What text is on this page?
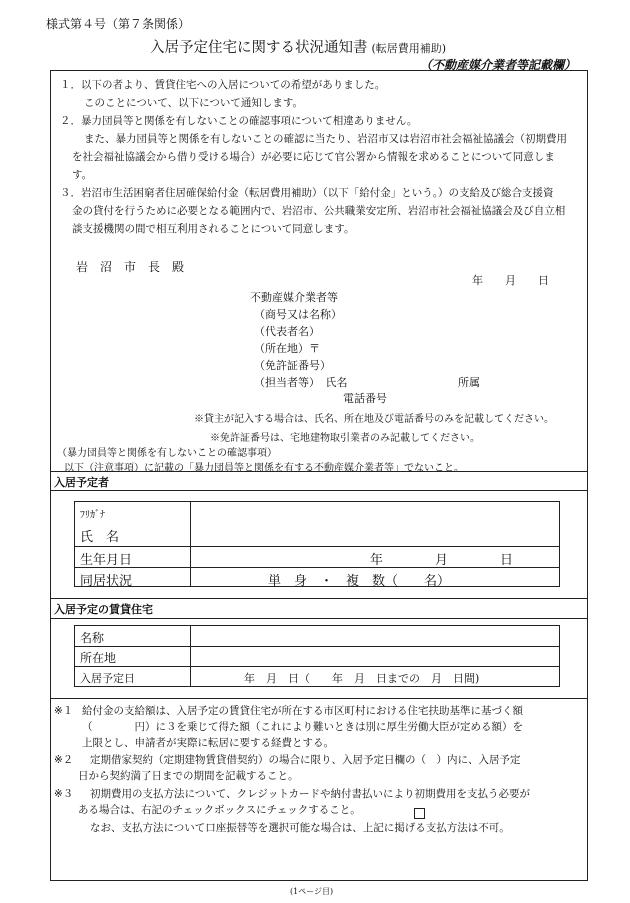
様式第４号（第７条関係）
入居予定住宅に関する状況通知書 (転居費用補助)
（不動産媒介業者等記載欄）
１．以下の者より、賃貸住宅への入居についての希望がありました。
このことについて、以下について通知します。
２．暴力団員等と関係を有しないことの確認事項について相違ありません。
また、暴力団員等と関係を有しないことの確認に当たり、岩沼市又は岩沼市社会福祉協議会（初期費用
を社会福祉協議会から借り受ける場合）が必要に応じて官公署から情報を求めることについて同意しま
す。
３．岩沼市生活困窮者住居確保給付金（転居費用補助）（以下「給付金」という。）の支給及び総合支援資
金の貸付を行うために必要となる範囲内で、岩沼市、公共職業安定所、岩沼市社会福祉協議会及び自立相
談支援機関の間で相互利用されることについて同意します。
岩　沼　市　長　殿
年　　月　　日
不動産媒介業者等
（商号又は名称）
（代表者名）
（所在地）〒
（免許証番号）
（担当者等）　氏名	所属
電話番号
※貸主が記入する場合は、氏名、所在地及び電話番号のみを記載してください。
※免許証番号は、宅地建物取引業者のみ記載してください。
（暴力団員等と関係を有しないことの確認事項）
以下（注意事項）に記載の「暴力団員等と関係を有する不動産媒介業者等」でないこと。
入居予定者
ﾌﾘｶﾞﾅ
氏　名
生年月日	年　　　　月　　　　日
同居状況	単　身　・　複　数（　　名）
入居予定の賃貸住宅
名称
所在地
入居予定日	年　月　日（　　年　月　日までの　月　日間)
※１ 給付金の支給額は、入居予定の賃貸住宅が所在する市区町村における住宅扶助基準に基づく額
（　　　　円）に３を乗じて得た額（これにより難いときは別に厚生労働大臣が定める額）を
上限とし、申請者が実際に転居に要する経費とする。
※２ 定期借家契約（定期建物賃貸借契約）の場合に限り、入居予定日欄の（　）内に、入居予定
日から契約満了日までの期間を記載すること。
※３ 初期費用の支払方法について、クレジットカードや納付書払いにより初期費用を支払う必要が
ある場合は、右記のチェックボックスにチェックすること。
なお、支払方法について口座振替等を選択可能な場合は、上記に掲げる支払方法は不可。
(1ページ目)
